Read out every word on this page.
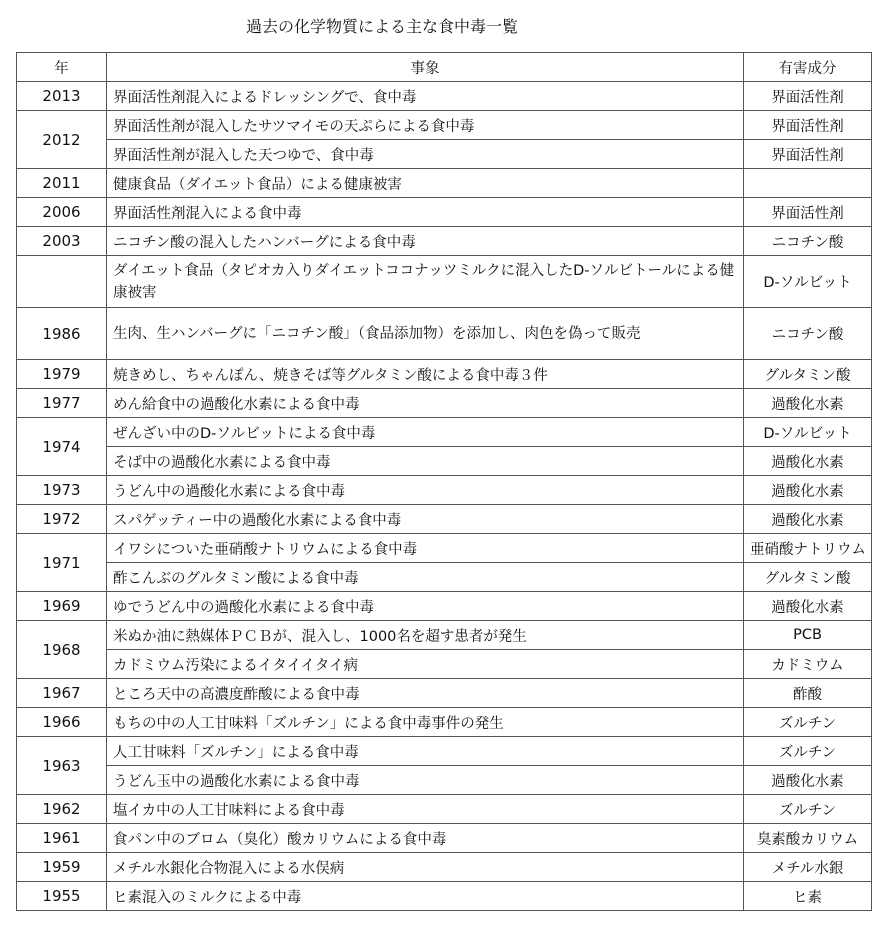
過去の化学物質による主な食中毒一覧
年	事象	有害成分
2013	界面活性剤混入によるドレッシングで、食中毒	界面活性剤
2012	界面活性剤が混入したサツマイモの天ぷらによる食中毒	界面活性剤
	界面活性剤が混入した天つゆで、食中毒	界面活性剤
2011	健康食品（ダイエット食品）による健康被害	
2006	界面活性剤混入による食中毒	界面活性剤
2003	ニコチン酸の混入したハンバーグによる食中毒	ニコチン酸
	ダイエット食品（タピオカ入りダイエットココナッツミルクに混入したD-ソルビトールによる健康被害	D-ソルビット
1986	生肉、生ハンバーグに「ニコチン酸」（食品添加物）を添加し、肉色を偽って販売	ニコチン酸
1979	焼きめし、ちゃんぽん、焼きそば等グルタミン酸による食中毒３件	グルタミン酸
1977	めん給食中の過酸化水素による食中毒	過酸化水素
1974	ぜんざい中のD-ソルビットによる食中毒	D-ソルビット
	そば中の過酸化水素による食中毒	過酸化水素
1973	うどん中の過酸化水素による食中毒	過酸化水素
1972	スパゲッティー中の過酸化水素による食中毒	過酸化水素
1971	イワシについた亜硝酸ナトリウムによる食中毒	亜硝酸ナトリウム
	酢こんぶのグルタミン酸による食中毒	グルタミン酸
1969	ゆでうどん中の過酸化水素による食中毒	過酸化水素
1968	米ぬか油に熱媒体ＰＣＢが、混入し、1000名を超す患者が発生	PCB
	カドミウム汚染によるイタイイタイ病	カドミウム
1967	ところ天中の高濃度酢酸による食中毒	酢酸
1966	もちの中の人工甘味料「ズルチン」による食中毒事件の発生	ズルチン
1963	人工甘味料「ズルチン」による食中毒	ズルチン
	うどん玉中の過酸化水素による食中毒	過酸化水素
1962	塩イカ中の人工甘味料による食中毒	ズルチン
1961	食パン中のブロム（臭化）酸カリウムによる食中毒	臭素酸カリウム
1959	メチル水銀化合物混入による水俣病	メチル水銀
1955	ヒ素混入のミルクによる中毒	ヒ素
